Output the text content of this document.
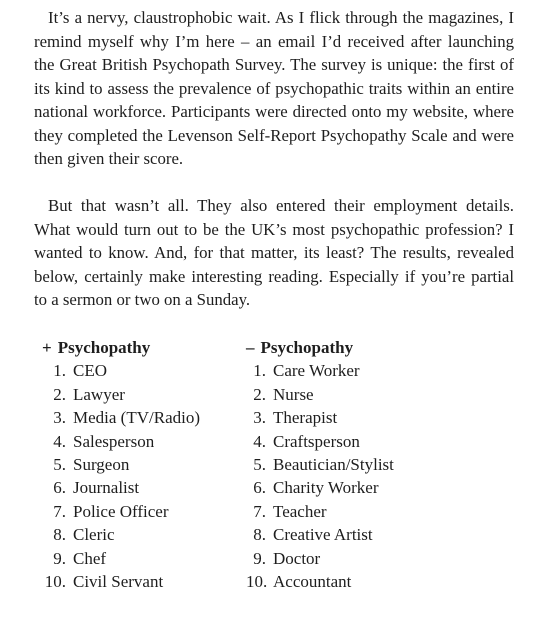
It’s a nervy, claustrophobic wait. As I flick through the magazines, I remind myself why I’m here – an email I’d received after launching the Great British Psychopath Survey. The survey is unique: the first of its kind to assess the prevalence of psychopathic traits within an entire national workforce. Participants were directed onto my website, where they completed the Levenson Self-Report Psychopathy Scale and were then given their score.

But that wasn’t all. They also entered their employment details. What would turn out to be the UK’s most psychopathic profession? I wanted to know. And, for that matter, its least? The results, revealed below, certainly make interesting reading. Especially if you’re partial to a sermon or two on a Sunday.

+ Psychopathy
1. CEO
2. Lawyer
3. Media (TV/Radio)
4. Salesperson
5. Surgeon
6. Journalist
7. Police Officer
8. Cleric
9. Chef
10. Civil Servant
– Psychopathy
1. Care Worker
2. Nurse
3. Therapist
4. Craftsperson
5. Beautician/Stylist
6. Charity Worker
7. Teacher
8. Creative Artist
9. Doctor
10. Accountant
